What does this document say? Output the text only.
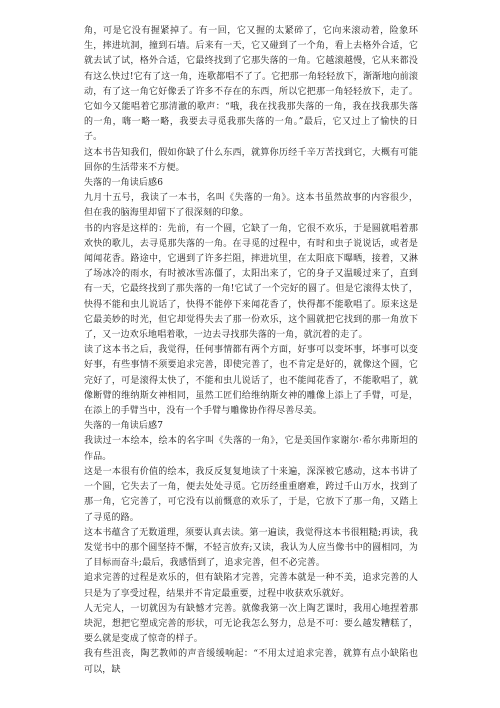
角，可是它没有握紧掉了。有一回，它又握的太紧碎了，它向来滚动着，险象环生，摔进坑洞，撞到石墙。后来有一天，它又碰到了一个角，看上去格外合适，它就去试了试，格外合适，它最终找到了它那失落的一角。它越滚越慢，它从来都没有这么快过!它有了这一角，连歌都唱不了了。它把那一角轻轻放下，渐渐地向前滚动，有了这一角它好像丢了许多不存在的东西，所以它把那一角轻轻放下，走了。它如今又能唱着它那清澈的歌声：“哦，我在找我那失落的一角，我在找我那失落的一角，嗨一略一略，我要去寻觅我那失落的一角。”最后，它又过上了愉快的日子。

这本书告知我们，假如你缺了什么东西，就算你历经千辛万苦找到它，大概有可能回你的生活带来不方便。

失落的一角读后感6

九月十五号，我读了一本书，名叫《失落的一角》。这本书虽然故事的内容很少，但在我的脑海里却留下了很深刻的印象。

书的内容是这样的：先前，有一个圆，它缺了一角，它很不欢乐，于是圆就唱着那欢快的歌儿，去寻觅那失落的一角。在寻觅的过程中，有时和虫子说说话，或者是闻闻花香。路途中，它遇到了许多拦阻，摔进坑里，在太阳底下曝晒，接着，又淋了场冰冷的雨水，有时被冰雪冻僵了，太阳出来了，它的身子又温暖过来了，直到有一天，它最终找到了那失落的一角!它试了一个完好的圆了。但是它滚得太快了，快得不能和虫儿说话了，快得不能停下来闻花香了，快得都不能歌唱了。原来这是它最美妙的时光，但它却觉得失去了那一份欢乐，这个圆就把它找到的那一角放下了，又一边欢乐地唱着歌，一边去寻找那失落的一角，就沉着的走了。

读了这本书之后，我觉得，任何事情都有两个方面，好事可以变坏事，坏事可以变好事，有些事情不须要追求完善，即使完善了，也不肯定是好的，就像这个圆，它完好了，可是滚得太快了，不能和虫儿说话了，也不能闻花香了，不能歌唱了，就像断臂的维纳斯女神相同，虽然工匠们给维纳斯女神的雕像上添上了手臂，可是，在添上的手臂当中，没有一个手臂与雕像协作得尽善尽美。

失落的一角读后感7

我读过一本绘本，绘本的名字叫《失落的一角》，它是美国作家谢尔·希尔弗斯坦的作品。

这是一本很有价值的绘本，我反反复复地读了十来遍，深深被它感动，这本书讲了一个圆，它失去了一角，便去处处寻觅。它历经重重磨难，跨过千山万水，找到了那一角，它完善了，可它没有以前慨意的欢乐了，于是，它放下了那一角，又踏上了寻觅的路。

这本书蕴含了无数道理，须要认真去读。第一遍读，我觉得这本书很粗糙;再读，我发觉书中的那个圆坚持不懈，不轻言放弃;又读，我认为人应当像书中的圆相同，为了目标而奋斗;最后，我感悟到了，追求完善，但不必完善。

追求完善的过程是欢乐的，但有缺陷才完善，完善本就是一种不美，追求完善的人只是为了享受过程，结果并不肯定最重要，过程中收获欢乐就好。

人无完人，一切就因为有缺憾才完善。就像我第一次上陶艺课时，我用心地捏着那块泥，想把它塑成完善的形状，可无论我怎么努力，总是不可：要么越发糟糕了，要么就是变成了惊奇的样子。

我有些沮丧，陶艺教师的声音缓缓响起：“不用太过追求完善，就算有点小缺陷也可以，缺
